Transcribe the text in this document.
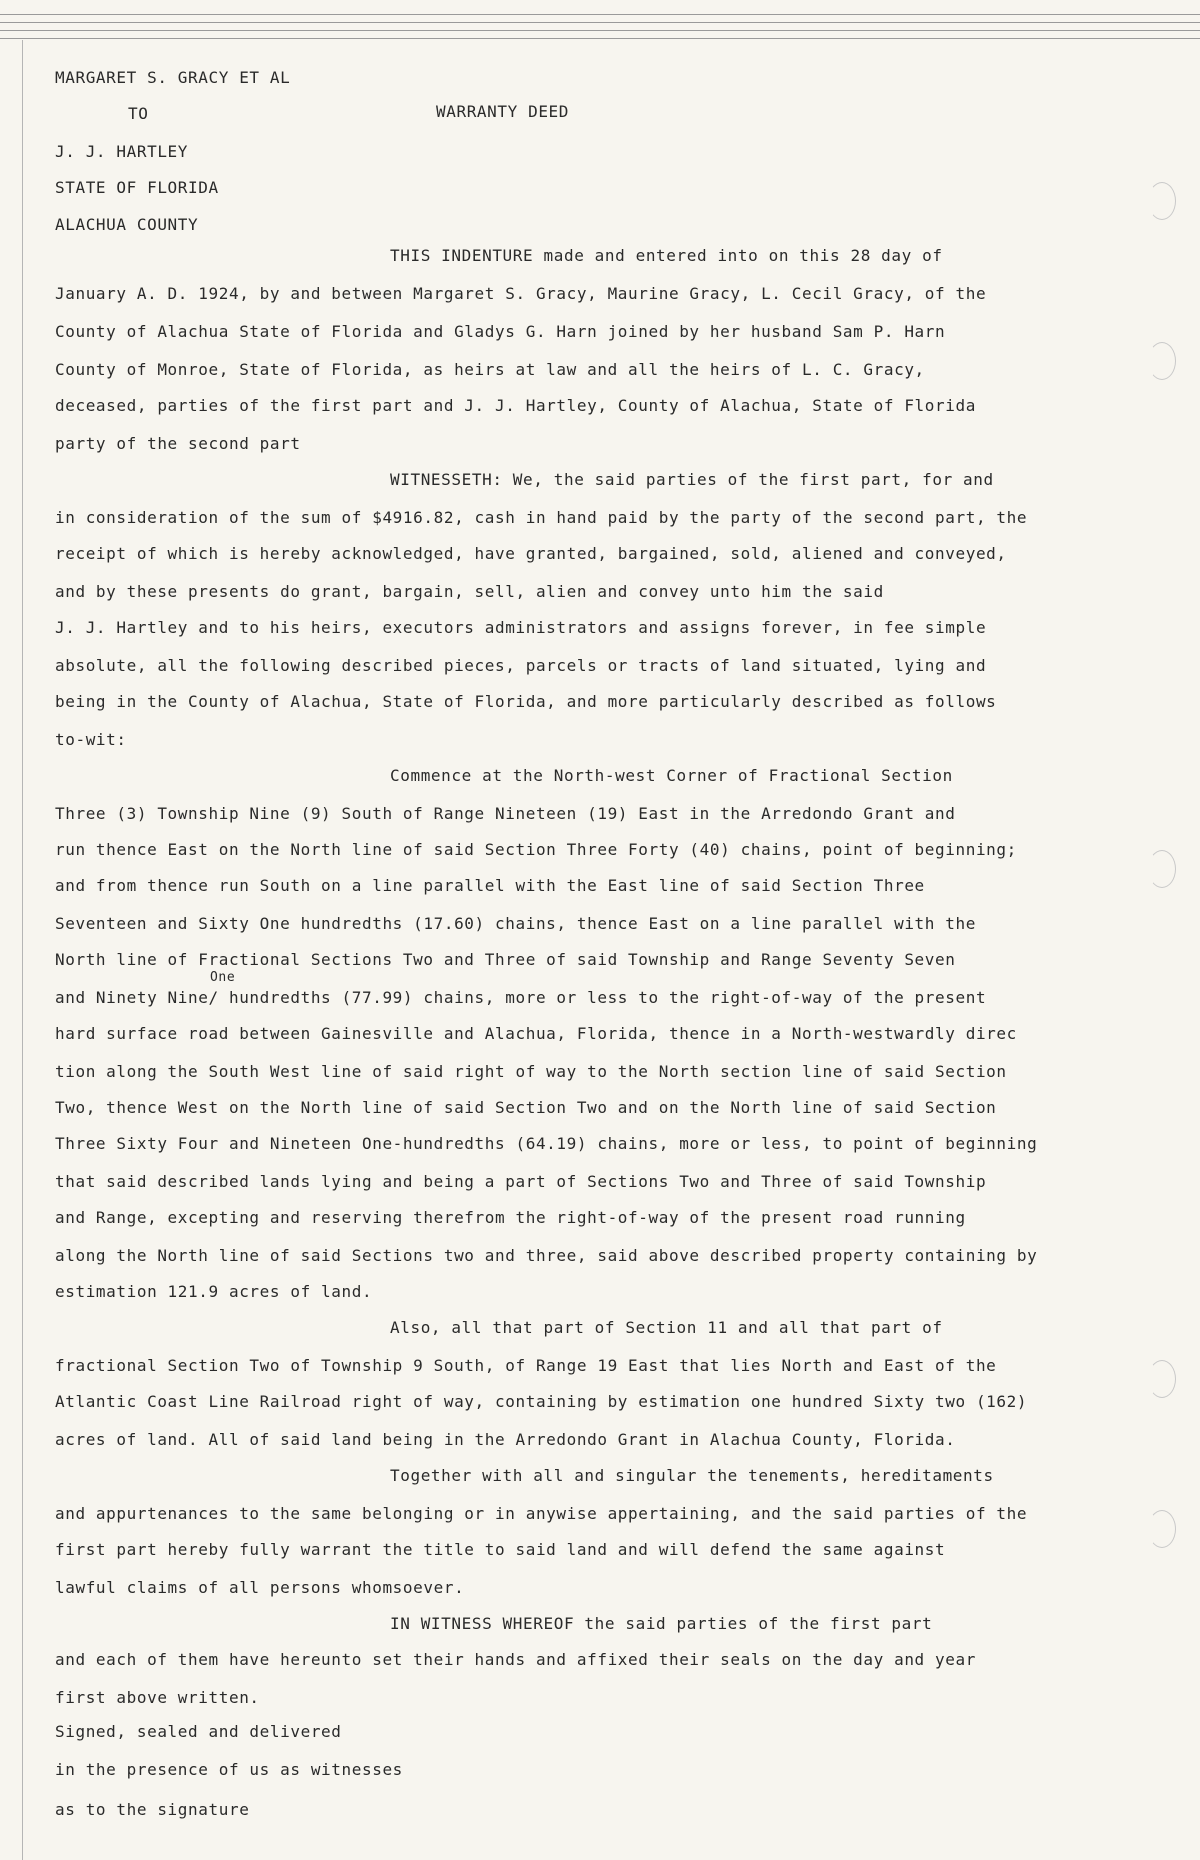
MARGARET S. GRACY ET AL
TO	WARRANTY DEED
J. J. HARTLEY
STATE OF FLORIDA
ALACHUA COUNTY
THIS INDENTURE made and entered into on this 28 day of
January A. D. 1924, by and between Margaret S. Gracy, Maurine Gracy, L. Cecil Gracy, of the
County of Alachua State of Florida and Gladys G. Harn joined by her husband Sam P. Harn
County of Monroe, State of Florida, as heirs at law and all the heirs of L. C. Gracy,
deceased, parties of the first part and J. J. Hartley, County of Alachua, State of Florida
party of the second part
WITNESSETH: We, the said parties of the first part, for and
in consideration of the sum of $4916.82, cash in hand paid by the party of the second part, the
receipt of which is hereby acknowledged, have granted, bargained, sold, aliened and conveyed,
and by these presents do grant, bargain, sell, alien and convey unto him the said
J. J. Hartley and to his heirs, executors administrators and assigns forever, in fee simple
absolute, all the following described pieces, parcels or tracts of land situated, lying and
being in the County of Alachua, State of Florida, and more particularly described as follows
to-wit:
Commence at the North-west Corner of Fractional Section
Three (3) Township Nine (9) South of Range Nineteen (19) East in the Arredondo Grant and
run thence East on the North line of said Section Three Forty (40) chains, point of beginning;
and from thence run South on a line parallel with the East line of said Section Three
Seventeen and Sixty One hundredths (17.60) chains, thence East on a line parallel with the
North line of Fractional Sections Two and Three of said Township and Range Seventy Seven
One
and Ninety Nine/ hundredths (77.99) chains, more or less to the right-of-way of the present
hard surface road between Gainesville and Alachua, Florida, thence in a North-westwardly direc
tion along the South West line of said right of way to the North section line of said Section
Two, thence West on the North line of said Section Two and on the North line of said Section
Three Sixty Four and Nineteen One-hundredths (64.19) chains, more or less, to point of beginning
that said described lands lying and being a part of Sections Two and Three of said Township
and Range, excepting and reserving therefrom the right-of-way of the present road running
along the North line of said Sections two and three, said above described property containing by
estimation 121.9 acres of land.
Also, all that part of Section 11 and all that part of
fractional Section Two of Township 9 South, of Range 19 East that lies North and East of the
Atlantic Coast Line Railroad right of way, containing by estimation one hundred Sixty two (162)
acres of land. All of said land being in the Arredondo Grant in Alachua County, Florida.
Together with all and singular the tenements, hereditaments
and appurtenances to the same belonging or in anywise appertaining, and the said parties of the
first part hereby fully warrant the title to said land and will defend the same against
lawful claims of all persons whomsoever.
IN WITNESS WHEREOF the said parties of the first part
and each of them have hereunto set their hands and affixed their seals on the day and year
first above written.
Signed, sealed and delivered
in the presence of us as witnesses
as to the signature
